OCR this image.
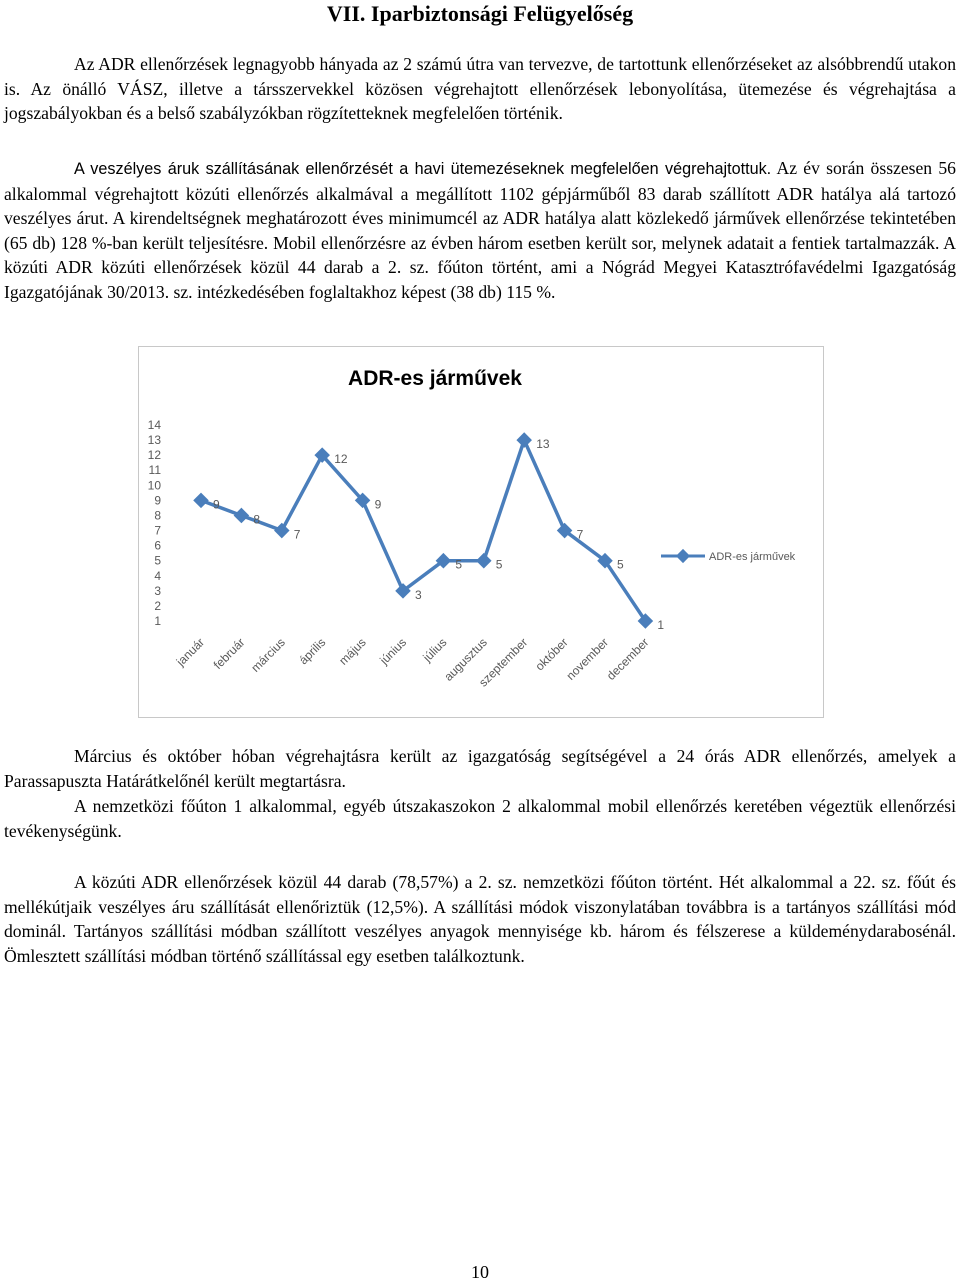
VII. Iparbiztonsági Felügyelőség

Az ADR ellenőrzések legnagyobb hányada az 2 számú útra van tervezve, de tartottunk ellenőrzéseket az alsóbbrendű utakon is. Az önálló VÁSZ, illetve a társszervekkel közösen végrehajtott ellenőrzések lebonyolítása, ütemezése és végrehajtása a jogszabályokban és a belső szabályzókban rögzítetteknek megfelelően történik.

A veszélyes áruk szállításának ellenőrzését a havi ütemezéseknek megfelelően végrehajtottuk. Az év során összesen 56 alkalommal végrehajtott közúti ellenőrzés alkalmával a megállított 1102 gépjárműből 83 darab szállított ADR hatálya alá tartozó veszélyes árut. A kirendeltségnek meghatározott éves minimumcél az ADR hatálya alatt közlekedő járművek ellenőrzése tekintetében (65 db) 128 %-ban került teljesítésre. Mobil ellenőrzésre az évben három esetben került sor, melynek adatait a fentiek tartalmazzák. A közúti ADR közúti ellenőrzések közül 44 darab a 2. sz. főúton történt, ami a Nógrád Megyei Katasztrófavédelmi Igazgatóság Igazgatójának 30/2013. sz. intézkedésében foglaltakhoz képest (38 db) 115 %.
ADR-es járművek
1
2
3
4
5
6
7
8
9
10
11
12
13
14
január február március április május június július
augusztus
szeptember október
november
december
9
8
7
12
9
3
5	5
13
7
5
1
ADR-es járművek

Március és október hóban végrehajtásra került az igazgatóság segítségével a 24 órás ADR ellenőrzés, amelyek a Parassapuszta Határátkelőnél került megtartásra.

A nemzetközi főúton 1 alkalommal, egyéb útszakaszokon 2 alkalommal mobil ellenőrzés keretében végeztük ellenőrzési tevékenységünk.

A közúti ADR ellenőrzések közül 44 darab (78,57%) a 2. sz. nemzetközi főúton történt. Hét alkalommal a 22. sz. főút és mellékútjaik veszélyes áru szállítását ellenőriztük (12,5%). A szállítási módok viszonylatában továbbra is a tartányos szállítási mód dominál. Tartányos szállítási módban szállított veszélyes anyagok mennyisége kb. három és félszerese a küldeménydarabosénál. Ömlesztett szállítási módban történő szállítással egy esetben találkoztunk.

10
